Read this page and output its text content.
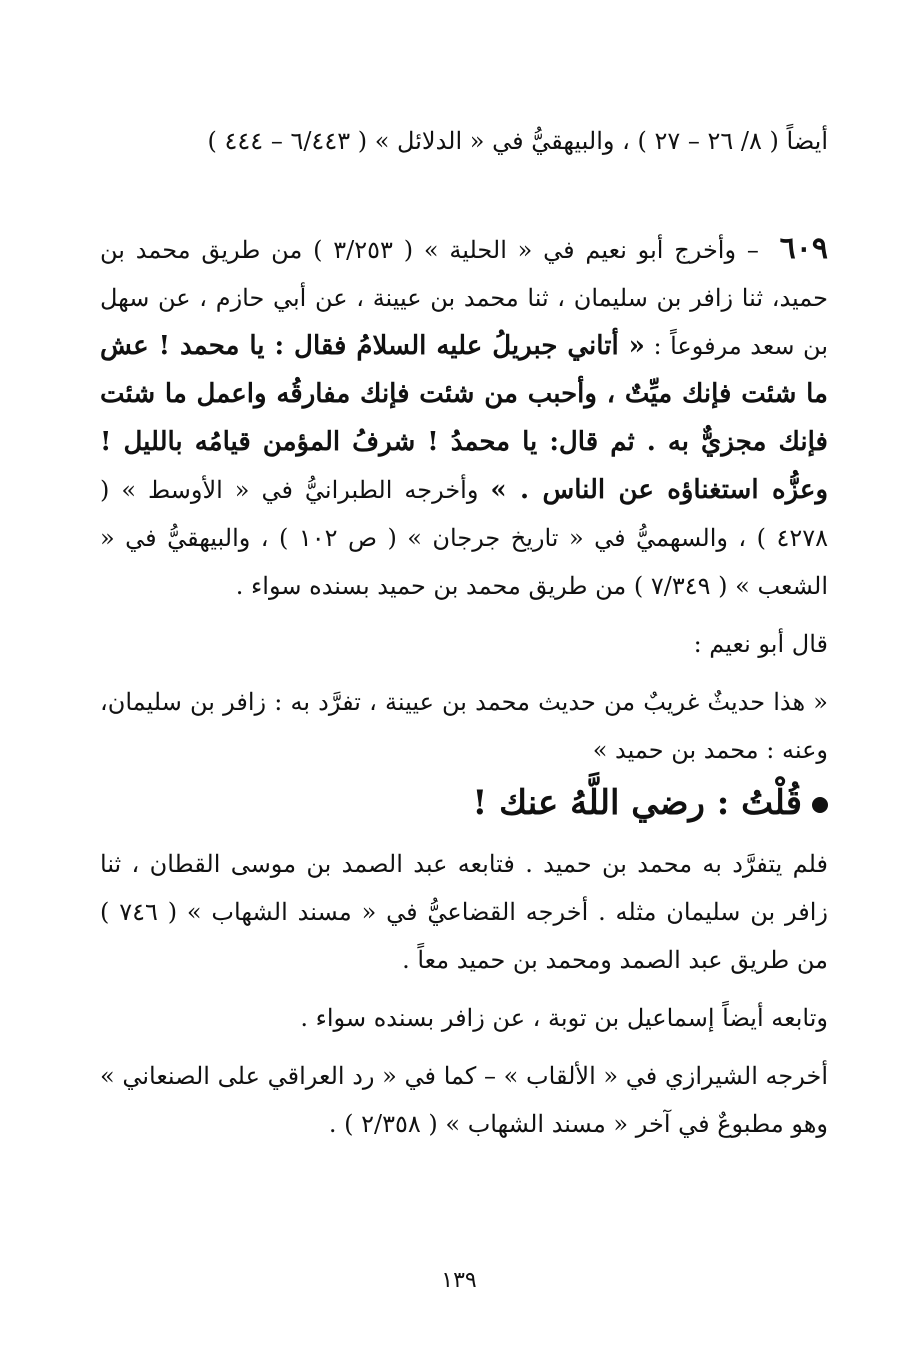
أيضاً ( ٨/ ٢٦ – ٢٧ ) ، والبيهقيُّ في « الدلائل » ( ٦/٤٤٣ – ٤٤٤ )

٦٠٩ – وأخرج أبو نعيم في « الحلية » ( ٣/٢٥٣ ) من طريق محمد بن حميد، ثنا زافر بن سليمان ، ثنا محمد بن عيينة ، عن أبي حازم ، عن سهل بن سعد مرفوعاً : « أتاني جبريلُ عليه السلامُ فقال : يا محمد ! عش ما شئت فإنك ميِّتٌ ، وأحبب من شئت فإنك مفارقُه واعمل ما شئت فإنك مجزيٌّ به . ثم قال: يا محمدُ ! شرفُ المؤمن قيامُه بالليل ! وعزُّه استغناؤه عن الناس . » وأخرجه الطبرانيُّ في « الأوسط » ( ٤٢٧٨ ) ، والسهميُّ في « تاريخ جرجان » ( ص ١٠٢ ) ، والبيهقيُّ في « الشعب » ( ٧/٣٤٩ ) من طريق محمد بن حميد بسنده سواء .

قال أبو نعيم :

« هذا حديثٌ غريبٌ من حديث محمد بن عيينة ، تفرَّد به : زافر بن سليمان، وعنه : محمد بن حميد »

قُلْتُ : رضي اللَّهُ عنك !

فلم يتفرَّد به محمد بن حميد . فتابعه عبد الصمد بن موسى القطان ، ثنا زافر بن سليمان مثله . أخرجه القضاعيُّ في « مسند الشهاب » ( ٧٤٦ ) من طريق عبد الصمد ومحمد بن حميد معاً .

وتابعه أيضاً إسماعيل بن توبة ، عن زافر بسنده سواء .

أخرجه الشيرازي في « الألقاب » – كما في « رد العراقي على الصنعاني » وهو مطبوعٌ في آخر « مسند الشهاب » ( ٢/٣٥٨ ) .

١٣٩
